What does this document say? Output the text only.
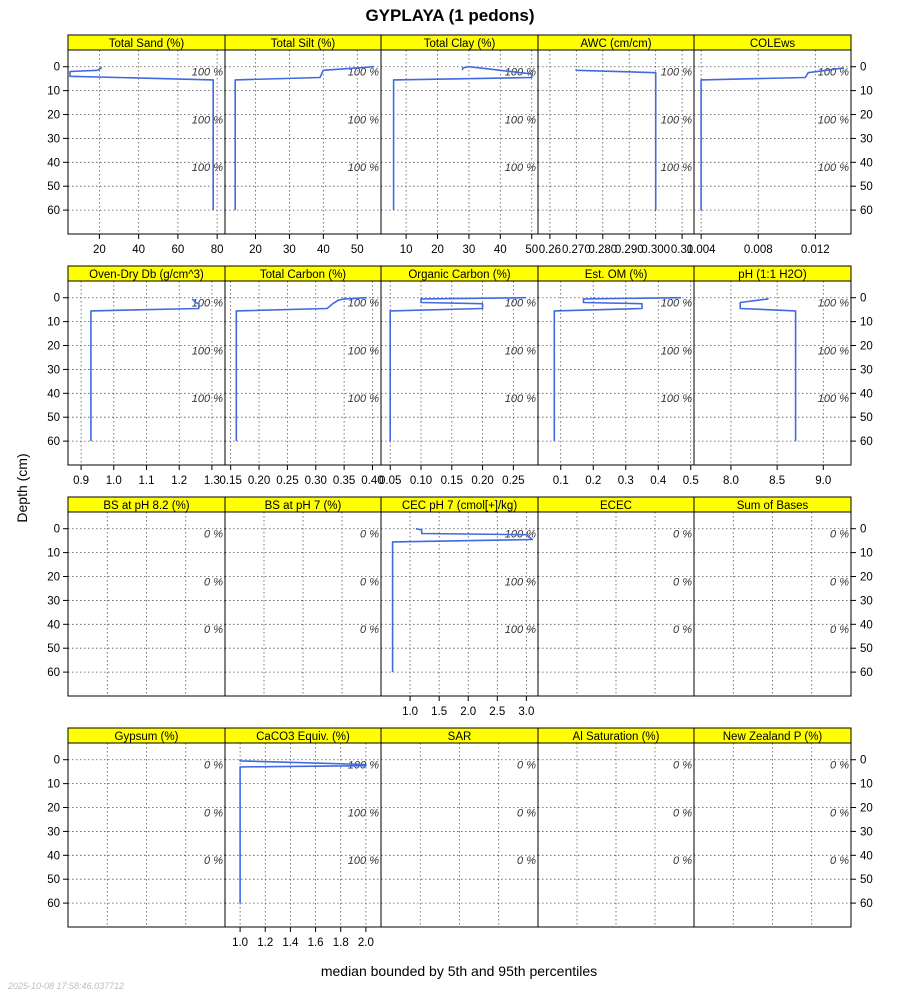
GYPLAYA (1 pedons)
Total Sand (%)
100 %
100 %
100 %
20 40 60 80
0
10
20
30
40
50
60
Total Silt (%)
100 %
100 %
100 %
20 30 40 50
Total Clay (%)
100 %
100 %
100 %
10 20 30 40 50
AWC (cm/cm)
100 %
100 %
100 %
0.26 0.270
0.280
0.290
0.300 0.31
COLEws
100 %
100 %
100 %
0.004 0.008 0.012
0
10
20
30
40
50
60
Oven-Dry Db (g/cm^3)
100 %
100 %
100 %
0.9 1.0 1.1 1.2 1.3
0
10
20
30
40
50
60
Total Carbon (%)
100 %
100 %
100 %
0.15 0.20 0.25 0.30 0.35 0.40
Organic Carbon (%)
100 %
100 %
100 %
0.05 0.10 0.15 0.20 0.25
Est. OM (%)
100 %
100 %
100 %
0.1 0.2 0.3 0.4 0.5
pH (1:1 H2O)
100 %
100 %
100 %
8.0	8.5	9.0
0
10
20
30
40
50
60
BS at pH 8.2 (%)
0 %
0 %
0 %
0
10
20
30
40
50
60
BS at pH 7 (%)
0 %
0 %
0 %
CEC pH 7 (cmol[+]/kg)
100 %
100 %
100 %
1.0 1.5 2.0 2.5 3.0
ECEC
0 %
0 %
0 %
Sum of Bases
0 %
0 %
0 %
0
10
20
30
40
50
60
Gypsum (%)
0 %
0 %
0 %
0
10
20
30
40
50
60
CaCO3 Equiv. (%)
100 %
100 %
100 %
1.0 1.2 1.4 1.6 1.8 2.0
SAR
0 %
0 %
0 %
Al Saturation (%)
0 %
0 %
0 %
New Zealand P (%)
0 %
0 %
0 %
0
10
20
30
40
50
60
Depth (cm)
median bounded by 5th and 95th percentiles
2025-10-08 17:58:46.037712
